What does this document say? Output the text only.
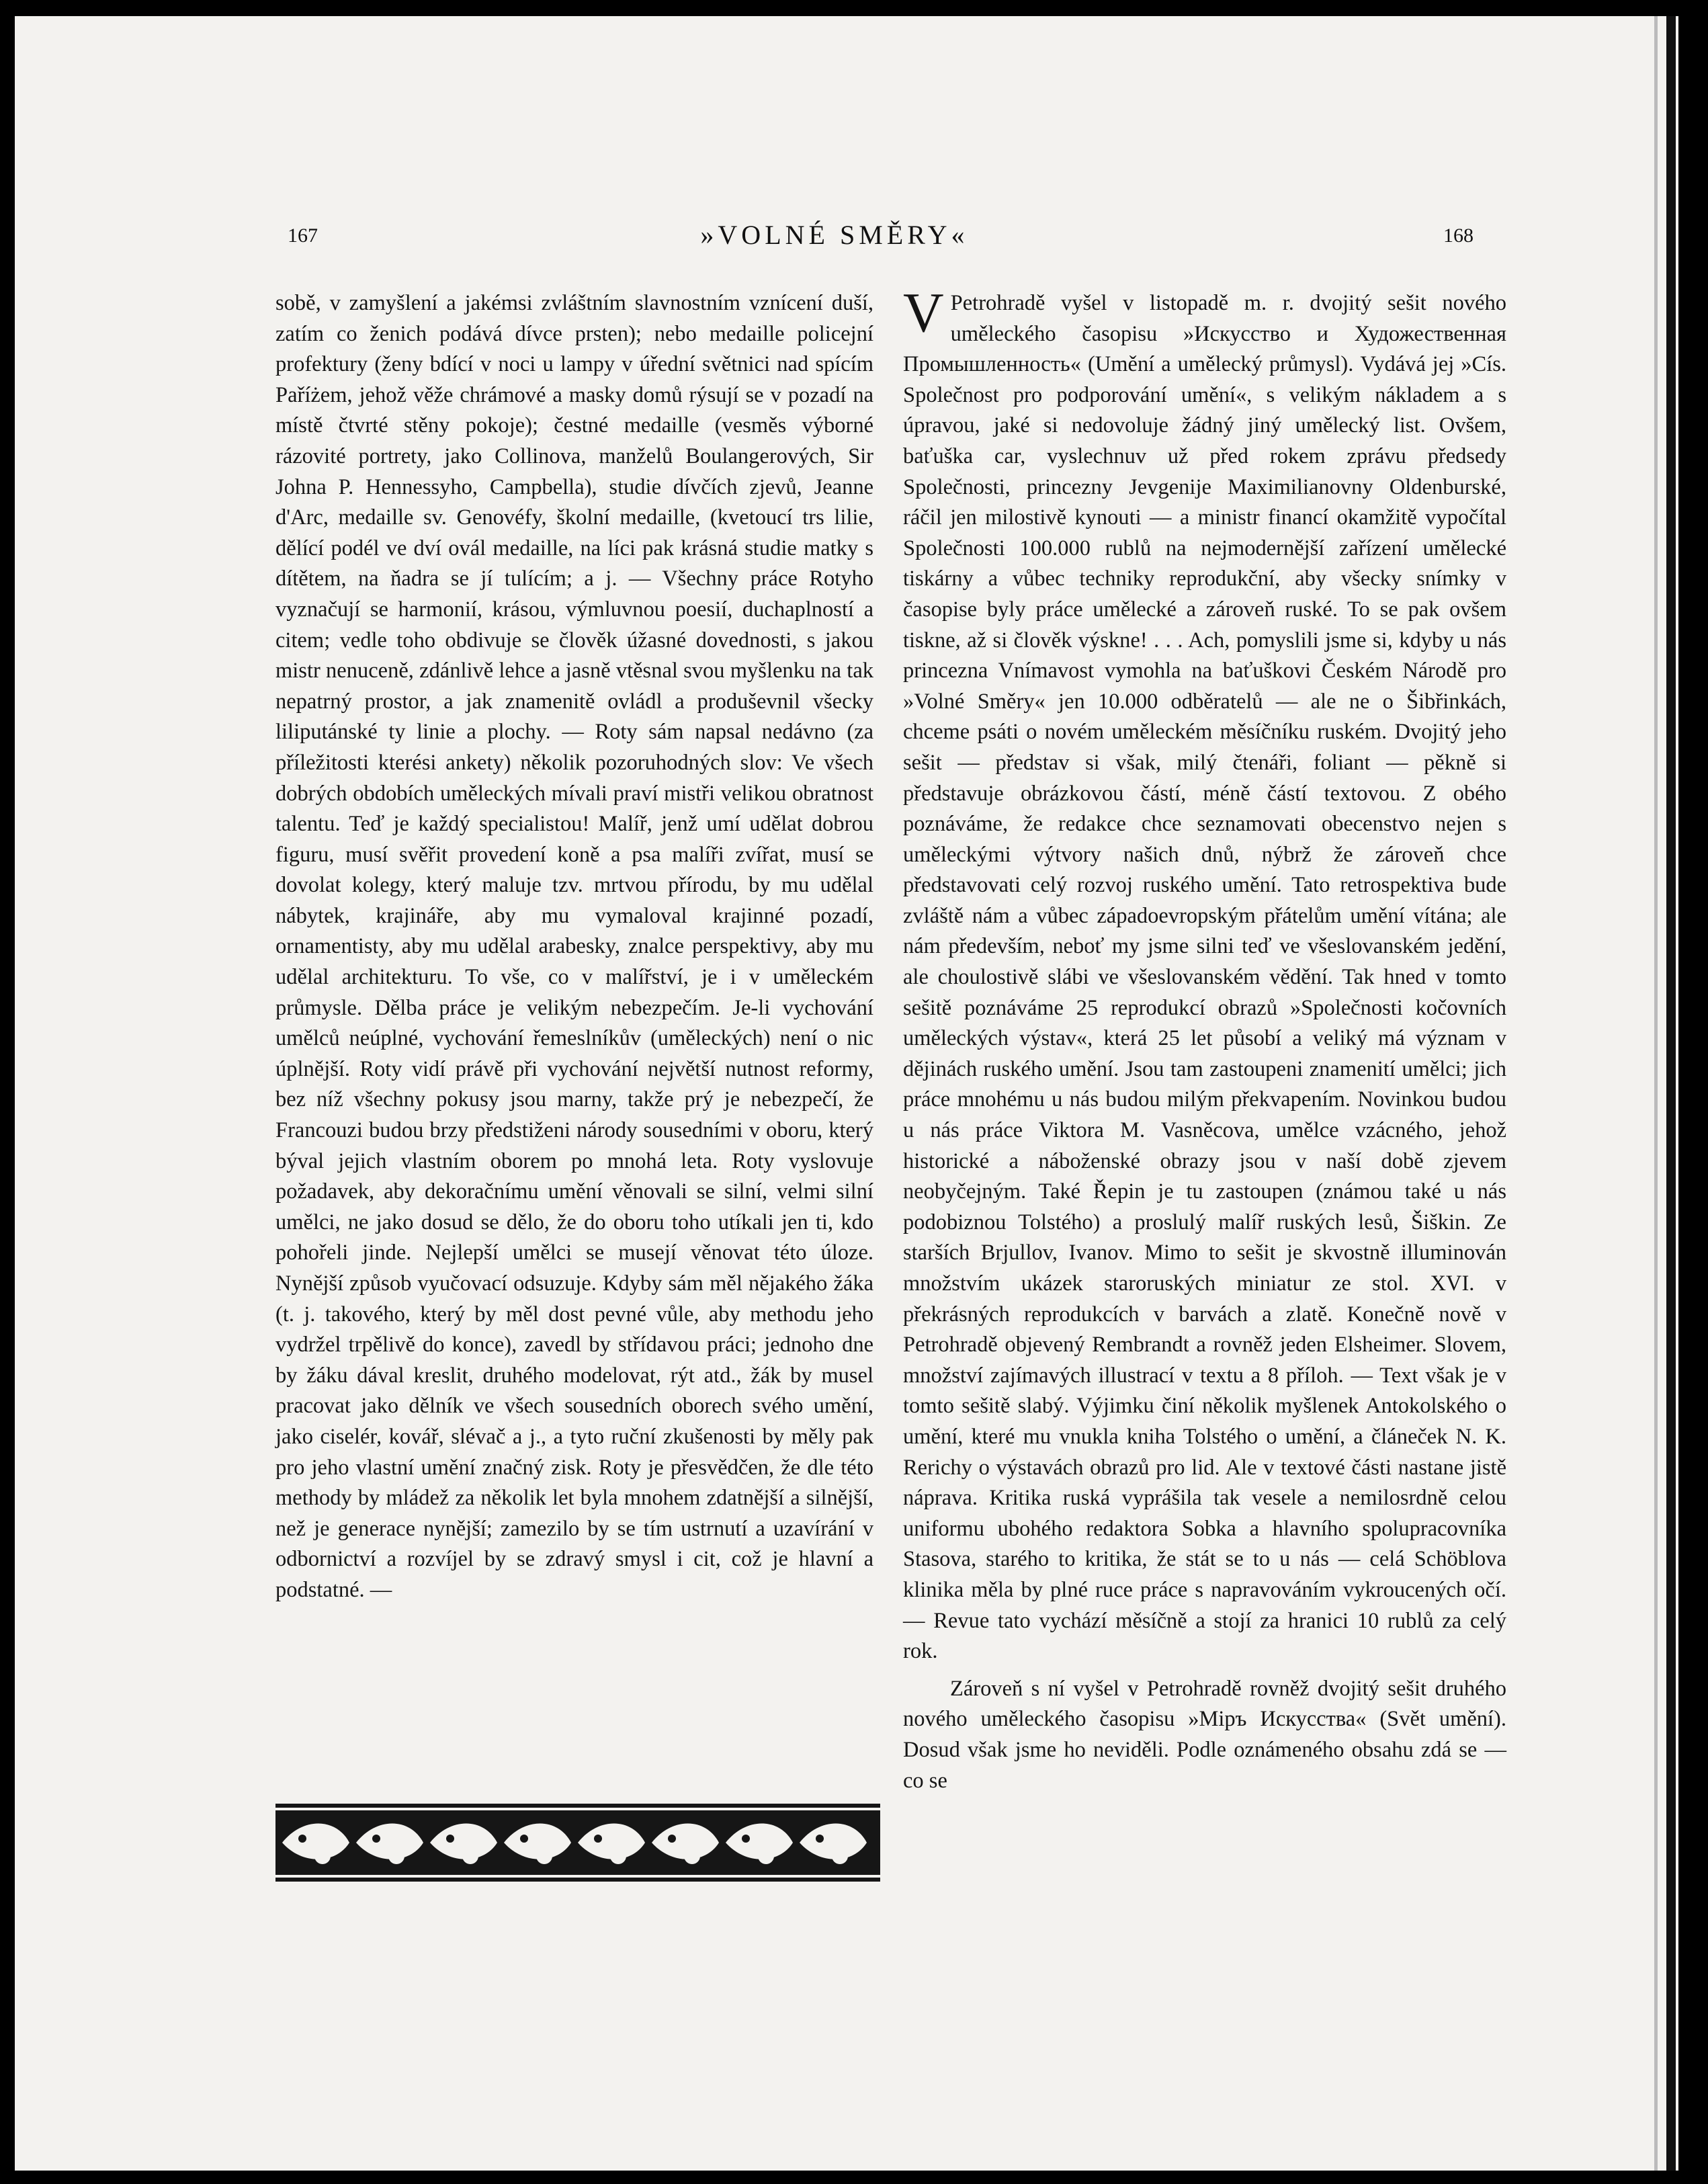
167	»VOLNÉ SMĚRY«	168

sobě, v zamyšlení a jakémsi zvláštním slavnostním vznícení duší, zatím co ženich podává dívce prsten); nebo medaille policejní profektury (ženy bdící v noci u lampy v úřední světnici nad spícím Paříżem, jehož věže chrámové a masky domů rýsují se v pozadí na místě čtvrté stěny pokoje); čestné medaille (vesměs výborné rázovité portrety, jako Collinova, manželů Boulangerových, Sir Johna P. Hennessyho, Campbella), studie dívčích zjevů, Jeanne d'Arc, medaille sv. Genovéfy, školní medaille, (kvetoucí trs lilie, dělící podél ve dví ovál medaille, na líci pak krásná studie matky s dítětem, na ňadra se jí tulícím; a j. — Všechny práce Rotyho vyznačují se harmonií, krásou, výmluvnou poesií, duchaplností a citem; vedle toho obdivuje se člověk úžasné dovednosti, s jakou mistr nenuceně, zdánlivě lehce a jasně vtěsnal svou myšlenku na tak nepatrný prostor, a jak znamenitě ovládl a produševnil všecky liliputánské ty linie a plochy. — Roty sám napsal nedávno (za příležitosti kterési ankety) několik pozoruhodných slov: Ve všech dobrých obdobích uměleckých mívali praví mistři velikou obratnost talentu. Teď je každý specialistou! Malíř, jenž umí udělat dobrou figuru, musí svěřit provedení koně a psa malíři zvířat, musí se dovolat kolegy, který maluje tzv. mrtvou přírodu, by mu udělal nábytek, krajináře, aby mu vymaloval krajinné pozadí, ornamentisty, aby mu udělal arabesky, znalce perspektivy, aby mu udělal architekturu. To vše, co v malířství, je i v uměleckém průmysle. Dělba práce je velikým nebezpečím. Je-li vychování umělců neúplné, vychování řemeslníkův (uměleckých) není o nic úplnější. Roty vidí právě při vychování největší nutnost reformy, bez níž všechny pokusy jsou marny, takže prý je nebezpečí, že Francouzi budou brzy předstiženi národy sousedními v oboru, který býval jejich vlastním oborem po mnohá leta. Roty vyslovuje požadavek, aby dekoračnímu umění věnovali se silní, velmi silní umělci, ne jako dosud se dělo, že do oboru toho utíkali jen ti, kdo pohořeli jinde. Nejlepší umělci se musejí věnovat této úloze. Nynější způsob vyučovací odsuzuje. Kdyby sám měl nějakého žáka (t. j. takového, který by měl dost pevné vůle, aby methodu jeho vydržel trpělivě do konce), zavedl by střídavou práci; jednoho dne by žáku dával kreslit, druhého modelovat, rýt atd., žák by musel pracovat jako dělník ve všech sousedních oborech svého umění, jako ciselér, kovář, slévač a j., a tyto ruční zkušenosti by měly pak pro jeho vlastní umění značný zisk. Roty je přesvědčen, že dle této methody by mládež za několik let byla mnohem zdatnější a silnější, než je generace nynější; zamezilo by se tím ustrnutí a uzavírání v odbornictví a rozvíjel by se zdravý smysl i cit, což je hlavní a podstatné. —

V Petrohradě vyšel v listopadě m. r. dvojitý sešit nového uměleckého časopisu »Искусство и Художественная Промышленность« (Umění a umělecký průmysl). Vydává jej »Cís. Společnost pro podporování umění«, s velikým nákladem a s úpravou, jaké si nedovoluje žádný jiný umělecký list. Ovšem, baťuška car, vyslechnuv už před rokem zprávu předsedy Společnosti, princezny Jevgenije Maximilianovny Oldenburské, ráčil jen milostivě kynouti — a ministr financí okamžitě vypočítal Společnosti 100.000 rublů na nejmodernější zařízení umělecké tiskárny a vůbec techniky reprodukční, aby všecky snímky v časopise byly práce umělecké a zároveň ruské. To se pak ovšem tiskne, až si člověk výskne! . . . Ach, pomyslili jsme si, kdyby u nás princezna Vnímavost vymohla na baťuškovi Českém Národě pro »Volné Směry« jen 10.000 odběratelů — ale ne o Šibřinkách, chceme psáti o novém uměleckém měsíčníku ruském. Dvojitý jeho sešit — představ si však, milý čtenáři, foliant — pěkně si představuje obrázkovou částí, méně částí textovou. Z obého poznáváme, že redakce chce seznamovati obecenstvo nejen s uměleckými výtvory našich dnů, nýbrž že zároveň chce představovati celý rozvoj ruského umění. Tato retrospektiva bude zvláště nám a vůbec západoevropským přátelům umění vítána; ale nám především, neboť my jsme silni teď ve všeslovanském jedění, ale choulostivě slábi ve všeslovanském vědění. Tak hned v tomto sešitě poznáváme 25 reprodukcí obrazů »Společnosti kočovních uměleckých výstav«, která 25 let působí a veliký má význam v dějinách ruského umění. Jsou tam zastoupeni znamenití umělci; jich práce mnohému u nás budou milým překvapením. Novinkou budou u nás práce Viktora M. Vasněcova, umělce vzácného, jehož historické a náboženské obrazy jsou v naší době zjevem neobyčejným. Také Řepin je tu zastoupen (známou také u nás podobiznou Tolstého) a proslulý malíř ruských lesů, Šiškin. Ze starších Brjullov, Ivanov. Mimo to sešit je skvostně illuminován množstvím ukázek staroruských miniatur ze stol. XVI. v překrásných reprodukcích v barvách a zlatě. Konečně nově v Petrohradě objevený Rembrandt a rovněž jeden Elsheimer. Slovem, množství zajímavých illustrací v textu a 8 příloh. — Text však je v tomto sešitě slabý. Výjimku činí několik myšlenek Antokolského o umění, které mu vnukla kniha Tolstého o umění, a článeček N. K. Rerichy o výstavách obrazů pro lid. Ale v textové části nastane jistě náprava. Kritika ruská vyprášila tak vesele a nemilosrdně celou uniformu ubohého redaktora Sobka a hlavního spolupracovníka Stasova, starého to kritika, že stát se to u nás — celá Schöblova klinika měla by plné ruce práce s napravováním vykroucených očí. — Revue tato vychází měsíčně a stojí za hranici 10 rublů za celý rok.

Zároveň s ní vyšel v Petrohradě rovněž dvojitý sešit druhého nového uměleckého časopisu »Міръ Искусства« (Svět umění). Dosud však jsme ho neviděli. Podle oznámeného obsahu zdá se — co se
